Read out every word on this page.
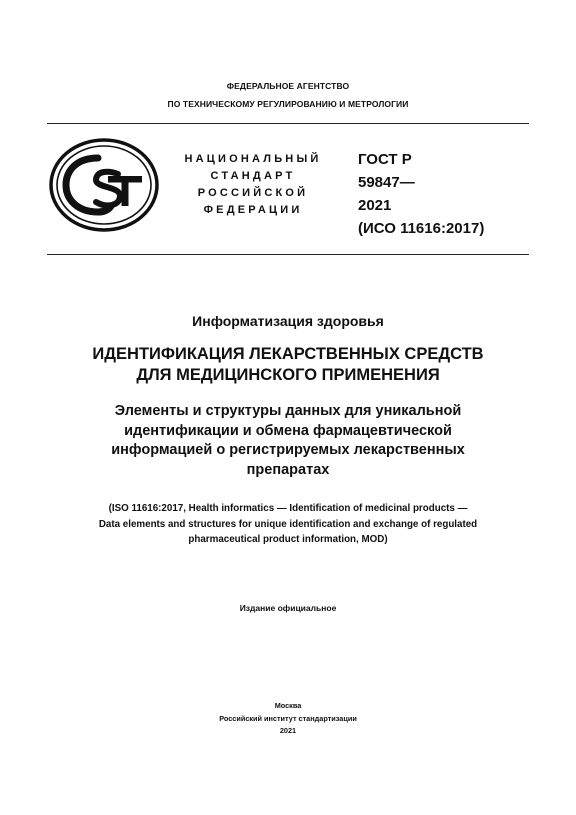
ФЕДЕРАЛЬНОЕ АГЕНТСТВО
ПО ТЕХНИЧЕСКОМУ РЕГУЛИРОВАНИЮ И МЕТРОЛОГИИ
НАЦИОНАЛЬНЫЙ
СТАНДАРТ
РОССИЙСКОЙ
ФЕДЕРАЦИИ
ГОСТ Р
59847—
2021
(ИСО 11616:2017)
Информатизация здоровья
ИДЕНТИФИКАЦИЯ ЛЕКАРСТВЕННЫХ СРЕДСТВ
ДЛЯ МЕДИЦИНСКОГО ПРИМЕНЕНИЯ
Элементы и структуры данных для уникальной
идентификации и обмена фармацевтической
информацией о регистрируемых лекарственных
препаратах
(ISO 11616:2017, Health informatics — Identification of medicinal products —
Data elements and structures for unique identification and exchange of regulated
pharmaceutical product information, MOD)
Издание официальное
Москва
Российский институт стандартизации
2021
